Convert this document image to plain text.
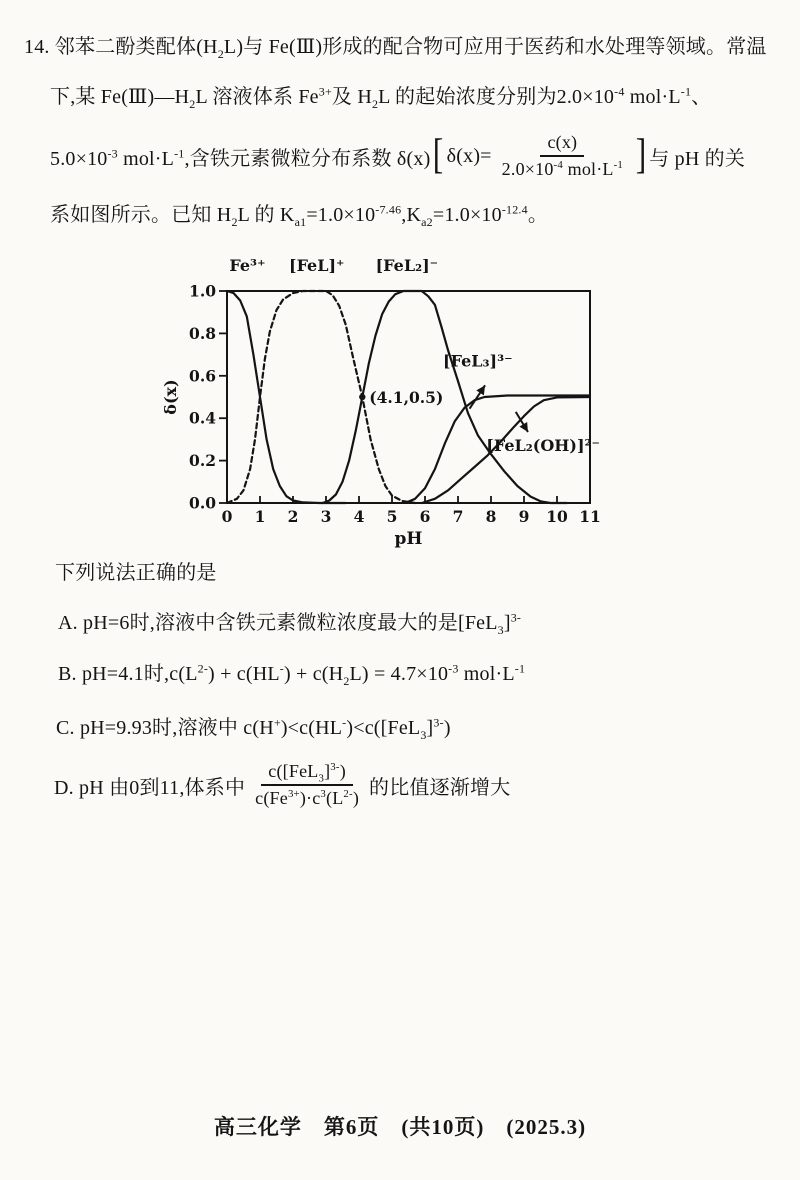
14. 邻苯二酚类配体$(H_2L)$与 Fe(Ⅲ)形成的配合物可应用于医药和水处理等领域。常温
下,某 $Fe(Ⅲ)—H_2L$ 溶液体系 $Fe^{3+}$及 $H_2L$ 的起始浓度分别为$2.0\times 10^{-4}$ $mol\cdot L^{-1}$、
$5.0\times 10^{-3}$ $mol\cdot L^{-1}$,含铁元素微粒分布系数 δ(x) [ $\delta(x)= \frac{c(x)}{2.0\times 10^{-4} mol\cdot L^{-1}}$ ] 与 pH 的关
系如图所示。已知 $H_2L$ 的 $K_{a1}=1.0\times 10^{-7.46},K_{a2}=1.0\times 10^{-12.4}$。
0 1 2 3 4 5 6 7 8 9 10 11
0.0
0.2
0.4
0.6
0.8
1.0
pH
δ(x)
Fe³⁺ [FeL]⁺ [FeL₂]⁻
[FeL₃]³⁻
[FeL₂(OH)]²⁻
(4.1,0.5)
下列说法正确的是
A. pH=6时,溶液中含铁元素微粒浓度最大的是$[FeL_3]^{3-}$
B. pH=4.1时$,c(L^{2-}) + c(HL^-) + c(H_2L) = 4.7\times 10^{-3}$ $mol\cdot L^{-1}$
C. pH=9.93时,溶液中 $c(H^+)<c(HL^-)<c([FeL_3]^{3-})$
D. pH 由0到11,体系中 $\frac{c([FeL_3]^{3-})}{c(Fe^{3+})\cdot c^3(L^{2-})}$ 的比值逐渐增大
高三化学　第6页　(共10页)　(2025.3)
